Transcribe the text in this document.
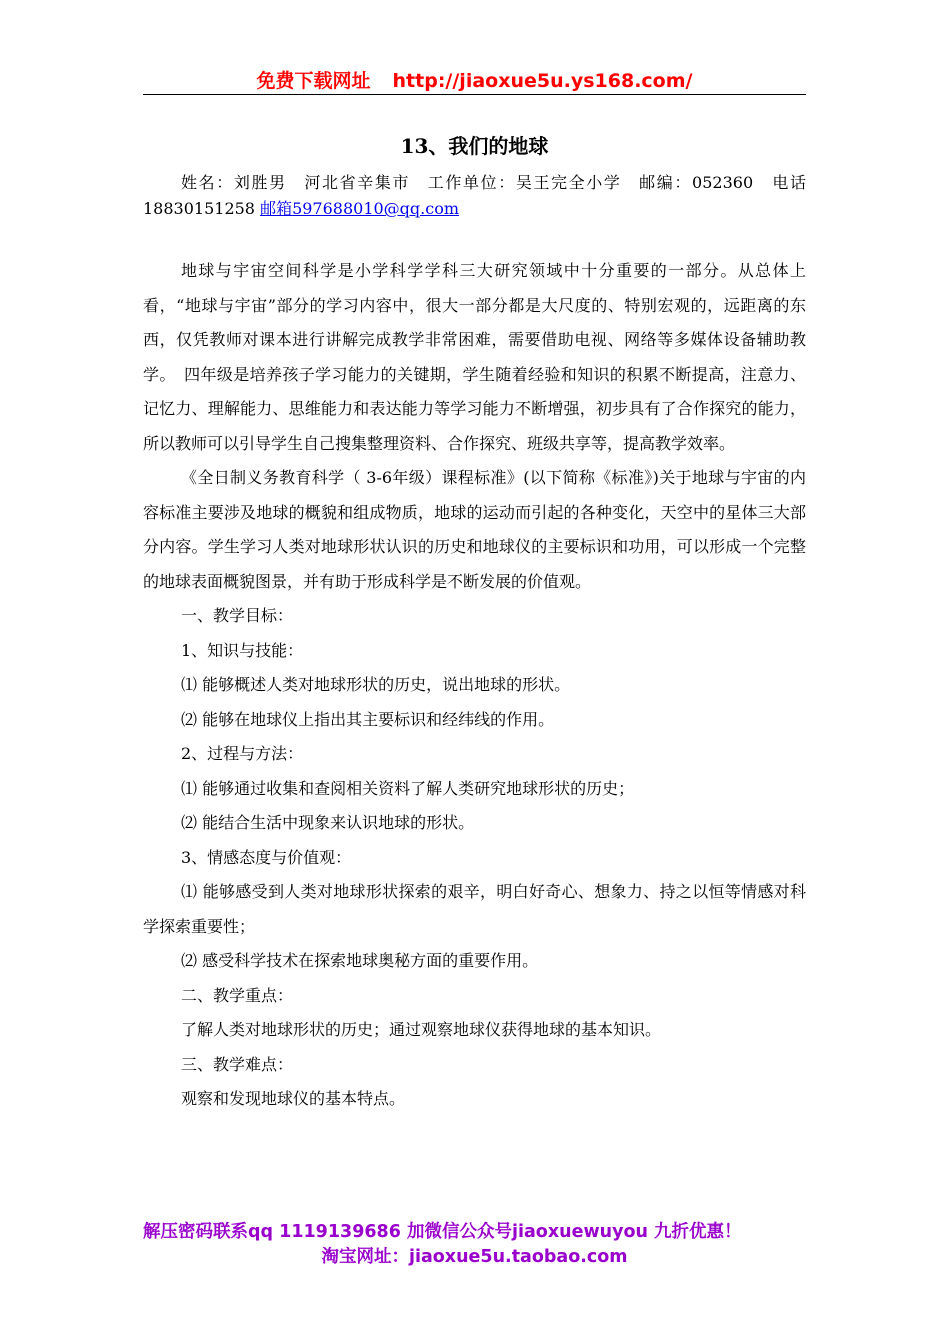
免费下载网址 http://jiaoxue5u.ys168.com/
13、我们的地球
姓名：刘胜男　河北省辛集市　工作单位：吴王完全小学　邮编：052360　电话18830151258 邮箱597688010@qq.com

地球与宇宙空间科学是小学科学学科三大研究领域中十分重要的一部分。从总体上看，“地球与宇宙”部分的学习内容中，很大一部分都是大尺度的、特别宏观的，远距离的东西，仅凭教师对课本进行讲解完成教学非常困难，需要借助电视、网络等多媒体设备辅助教学。　四年级是培养孩子学习能力的关键期，学生随着经验和知识的积累不断提高，注意力、记忆力、理解能力、思维能力和表达能力等学习能力不断增强，初步具有了合作探究的能力，所以教师可以引导学生自己搜集整理资料、合作探究、班级共享等，提高教学效率。

《全日制义务教育科学（ 3-6年级）课程标准》(以下简称《标准》)关于地球与宇宙的内容标准主要涉及地球的概貌和组成物质，地球的运动而引起的各种变化，天空中的星体三大部分内容。学生学习人类对地球形状认识的历史和地球仪的主要标识和功用，可以形成一个完整的地球表面概貌图景，并有助于形成科学是不断发展的价值观。

一、教学目标：

1、知识与技能：

⑴ 能够概述人类对地球形状的历史，说出地球的形状。

⑵ 能够在地球仪上指出其主要标识和经纬线的作用。

2、过程与方法：

⑴ 能够通过收集和查阅相关资料了解人类研究地球形状的历史；

⑵ 能结合生活中现象来认识地球的形状。

3、情感态度与价值观：

⑴ 能够感受到人类对地球形状探索的艰辛，明白好奇心、想象力、持之以恒等情感对科学探索重要性；

⑵ 感受科学技术在探索地球奥秘方面的重要作用。

二、教学重点：

了解人类对地球形状的历史；通过观察地球仪获得地球的基本知识。

三、教学难点：

观察和发现地球仪的基本特点。

解压密码联系qq 1119139686 加微信公众号jiaoxuewuyou 九折优惠！
淘宝网址：jiaoxue5u.taobao.com
